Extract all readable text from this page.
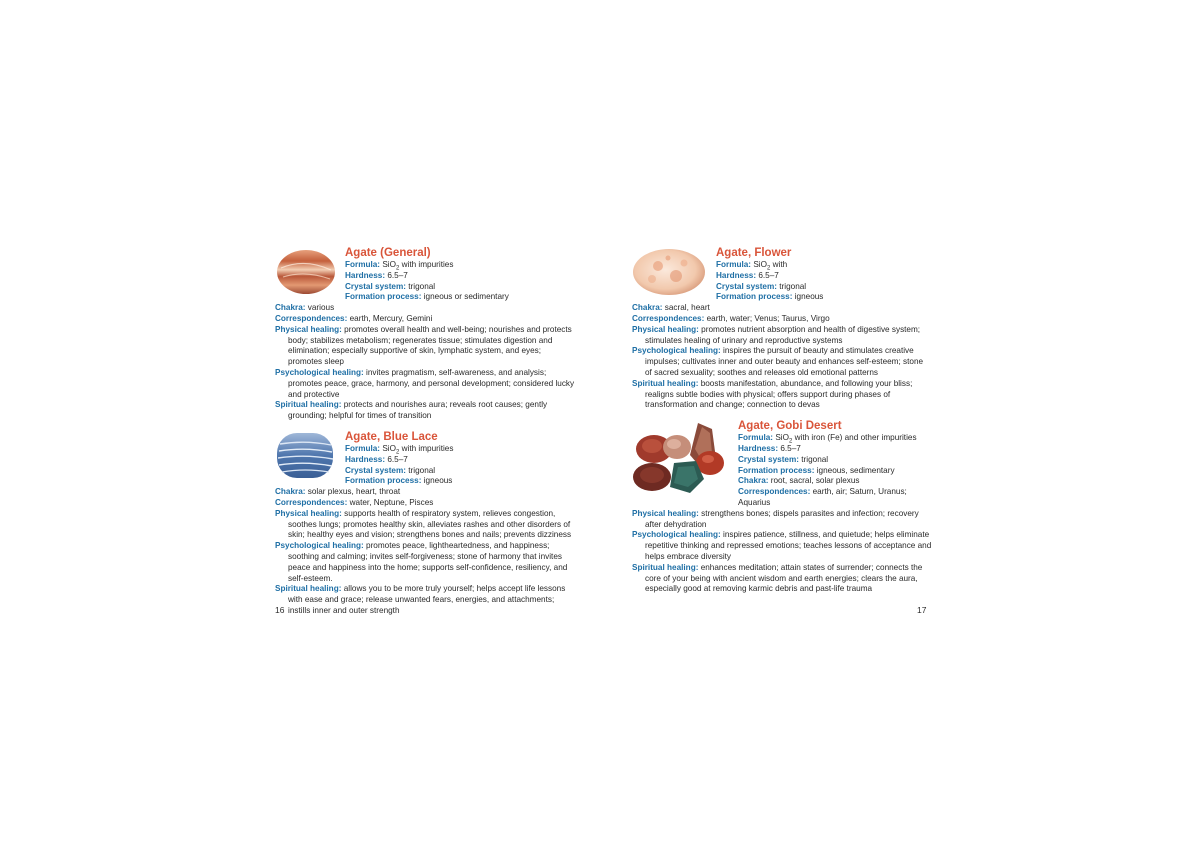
Agate (General)
Formula: SiO$_2$ with impurities
Hardness: 6.5–7
Crystal system: trigonal
Formation process: igneous or sedimentary
Chakra: various
Correspondences: earth, Mercury, Gemini
Physical healing: promotes overall health and well-being; nourishes and protects body; stabilizes metabolism; regenerates tissue; stimulates digestion and elimination; especially supportive of skin, lymphatic system, and eyes; promotes sleep
Psychological healing: invites pragmatism, self-awareness, and analysis; promotes peace, grace, harmony, and personal development; considered lucky and protective
Spiritual healing: protects and nourishes aura; reveals root causes; gently grounding; helpful for times of transition
Agate, Blue Lace
Formula: SiO$_2$ with impurities
Hardness: 6.5–7
Crystal system: trigonal
Formation process: igneous
Chakra: solar plexus, heart, throat
Correspondences: water, Neptune, Pisces
Physical healing: supports health of respiratory system, relieves congestion, soothes lungs; promotes healthy skin, alleviates rashes and other disorders of skin; healthy eyes and vision; strengthens bones and nails; prevents dizziness
Psychological healing: promotes peace, lightheartedness, and happiness; soothing and calming; invites self-forgiveness; stone of harmony that invites peace and happiness into the home; supports self-confidence, resiliency, and self-esteem.
Spiritual healing: allows you to be more truly yourself; helps accept life lessons with ease and grace; release unwanted fears, energies, and attachments; instills inner and outer strength
16
Agate, Flower
Formula: SiO$_2$ with
Hardness: 6.5–7
Crystal system: trigonal
Formation process: igneous
Chakra: sacral, heart
Correspondences: earth, water; Venus; Taurus, Virgo
Physical healing: promotes nutrient absorption and health of digestive system; stimulates healing of urinary and reproductive systems
Psychological healing: inspires the pursuit of beauty and stimulates creative impulses; cultivates inner and outer beauty and enhances self-esteem; stone of sacred sexuality; soothes and releases old emotional patterns
Spiritual healing: boosts manifestation, abundance, and following your bliss; realigns subtle bodies with physical; offers support during phases of transformation and change; connection to devas
Agate, Gobi Desert
Formula: SiO$_2$ with iron (Fe) and other impurities
Hardness: 6.5–7
Crystal system: trigonal
Formation process: igneous, sedimentary
Chakra: root, sacral, solar plexus
Correspondences: earth, air; Saturn, Uranus; Aquarius
Physical healing: strengthens bones; dispels parasites and infection; recovery after dehydration
Psychological healing: inspires patience, stillness, and quietude; helps eliminate repetitive thinking and repressed emotions; teaches lessons of acceptance and helps embrace diversity
Spiritual healing: enhances meditation; attain states of surrender; connects the core of your being with ancient wisdom and earth energies; clears the aura, especially good at removing karmic debris and past-life trauma
17
